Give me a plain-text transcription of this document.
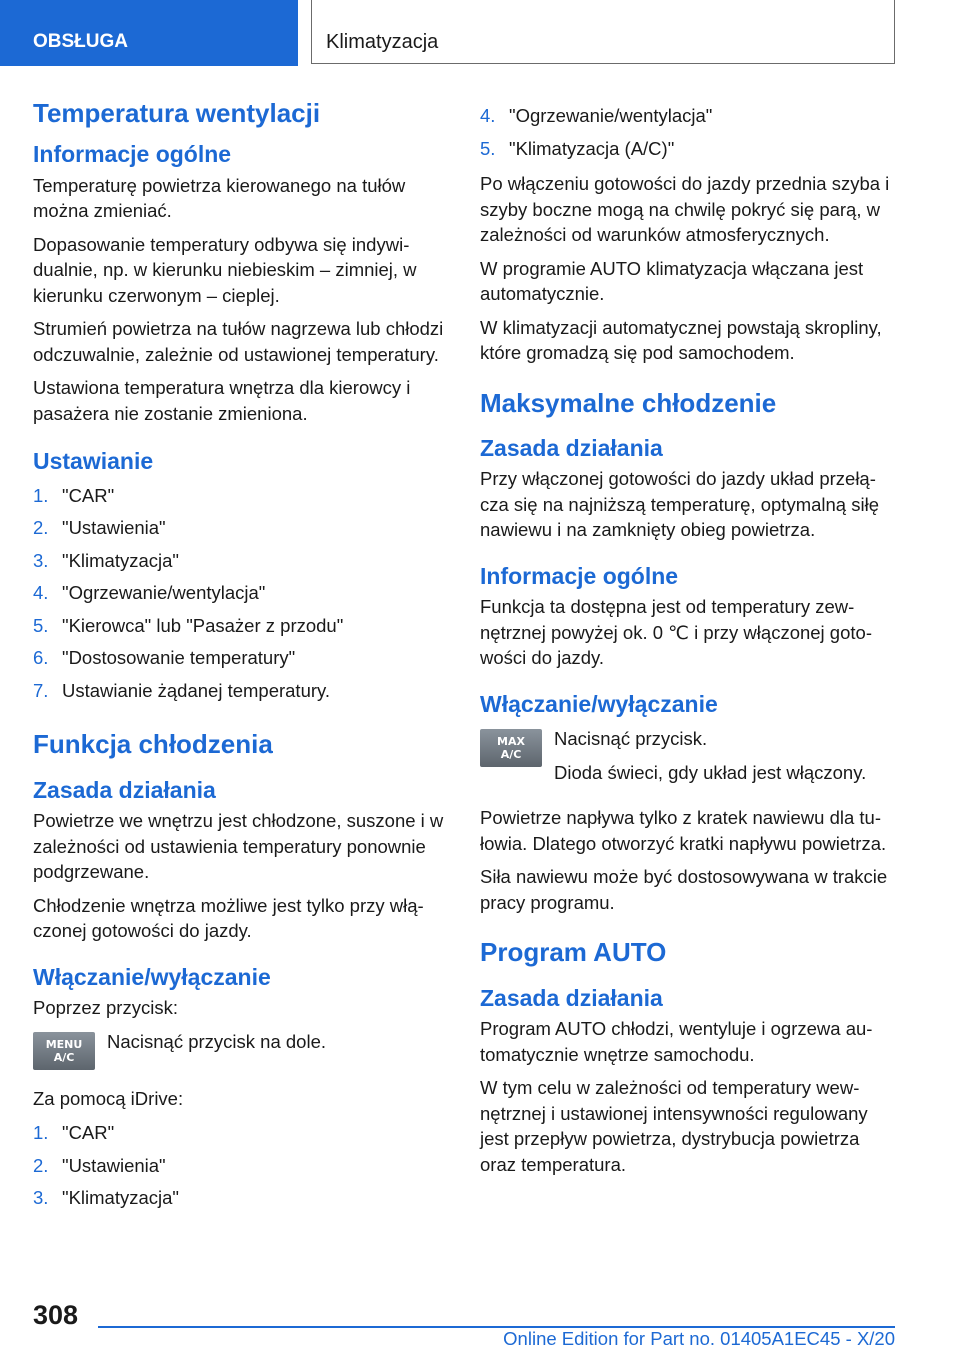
OBSŁUGA	Klimatyzacja
Temperatura wentylacji
Informacje ogólne

Temperaturę powietrza kierowanego na tułów można zmieniać.

Dopasowanie temperatury odbywa się indywidualnie, np. w kierunku niebieskim – zimniej, w kierunku czerwonym – cieplej.

Strumień powietrza na tułów nagrzewa lub chłodzi odczuwalnie, zależnie od ustawionej temperatury.

Ustawiona temperatura wnętrza dla kierowcy i pasażera nie zostanie zmieniona.

Ustawianie
1. "CAR"
2. "Ustawienia"
3. "Klimatyzacja"
4. "Ogrzewanie/wentylacja"
5. "Kierowca" lub "Pasażer z przodu"
6. "Dostosowanie temperatury"
7. Ustawianie żądanej temperatury.
Funkcja chłodzenia
Zasada działania

Powietrze we wnętrzu jest chłodzone, suszone i w zależności od ustawienia temperatury ponownie podgrzewane.

Chłodzenie wnętrza możliwe jest tylko przy włączonej gotowości do jazdy.

Włączanie/wyłączanie

Poprzez przycisk:

MENU
A/C

Nacisnąć przycisk na dole.

Za pomocą iDrive:

1. "CAR"
2. "Ustawienia"
3. "Klimatyzacja"
4. "Ogrzewanie/wentylacja"
5. "Klimatyzacja (A/C)"

Po włączeniu gotowości do jazdy przednia szyba i szyby boczne mogą na chwilę pokryć się parą, w zależności od warunków atmosferycznych.

W programie AUTO klimatyzacja włączana jest automatycznie.

W klimatyzacji automatycznej powstają skropliny, które gromadzą się pod samochodem.

Maksymalne chłodzenie
Zasada działania

Przy włączonej gotowości do jazdy układ przełącza się na najniższą temperaturę, optymalną siłę nawiewu i na zamknięty obieg powietrza.

Informacje ogólne

Funkcja ta dostępna jest od temperatury zewnętrznej powyżej ok. 0 ℃ i przy włączonej gotowości do jazdy.

Włączanie/wyłączanie
MAX
A/C

Nacisnąć przycisk.

Dioda świeci, gdy układ jest włączony.

Powietrze napływa tylko z kratek nawiewu dla tułowia. Dlatego otworzyć kratki napływu powietrza.

Siła nawiewu może być dostosowywana w trakcie pracy programu.

Program AUTO
Zasada działania

Program AUTO chłodzi, wentyluje i ogrzewa automatycznie wnętrze samochodu.

W tym celu w zależności od temperatury wewnętrznej i ustawionej intensywności regulowany jest przepływ powietrza, dystrybucja powietrza oraz temperatura.

308
Online Edition for Part no. 01405A1EC45 - X/20
